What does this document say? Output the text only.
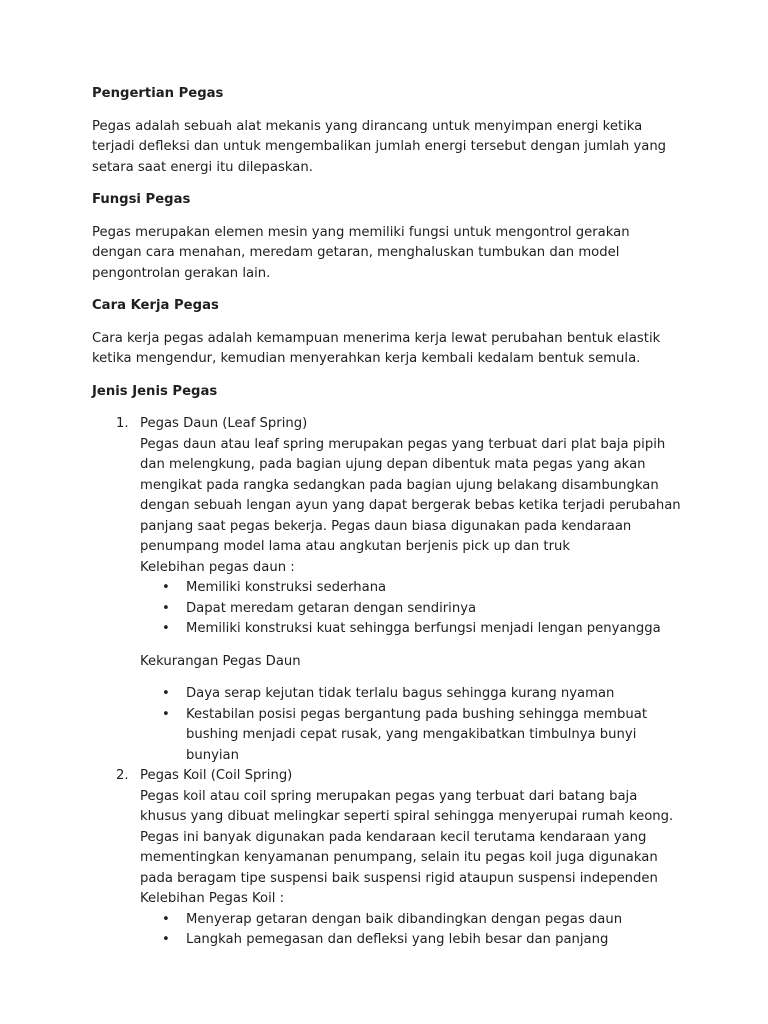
Pengertian Pegas

Pegas adalah sebuah alat mekanis yang dirancang untuk menyimpan energi ketika terjadi defleksi dan untuk mengembalikan jumlah energi tersebut dengan jumlah yang setara saat energi itu dilepaskan.

Fungsi Pegas

Pegas merupakan elemen mesin yang memiliki fungsi untuk mengontrol gerakan dengan cara menahan, meredam getaran, menghaluskan tumbukan dan model pengontrolan gerakan lain.

Cara Kerja Pegas

Cara kerja pegas adalah kemampuan menerima kerja lewat perubahan bentuk elastik ketika mengendur, kemudian menyerahkan kerja kembali kedalam bentuk semula.

Jenis Jenis Pegas

1. Pegas Daun (Leaf Spring)
Pegas daun atau leaf spring merupakan pegas yang terbuat dari plat baja pipih dan melengkung, pada bagian ujung depan dibentuk mata pegas yang akan mengikat pada rangka sedangkan pada bagian ujung belakang disambungkan dengan sebuah lengan ayun yang dapat bergerak bebas ketika terjadi perubahan panjang saat pegas bekerja. Pegas daun biasa digunakan pada kendaraan penumpang model lama atau angkutan berjenis pick up dan truk
Kelebihan pegas daun :
• Memiliki konstruksi sederhana
• Dapat meredam getaran dengan sendirinya
• Memiliki konstruksi kuat sehingga berfungsi menjadi lengan penyangga
Kekurangan Pegas Daun
• Daya serap kejutan tidak terlalu bagus sehingga kurang nyaman
• Kestabilan posisi pegas bergantung pada bushing sehingga membuat bushing menjadi cepat rusak, yang mengakibatkan timbulnya bunyi bunyian
2. Pegas Koil (Coil Spring)
Pegas koil atau coil spring merupakan pegas yang terbuat dari batang baja khusus yang dibuat melingkar seperti spiral sehingga menyerupai rumah keong. Pegas ini banyak digunakan pada kendaraan kecil terutama kendaraan yang mementingkan kenyamanan penumpang, selain itu pegas koil juga digunakan pada beragam tipe suspensi baik suspensi rigid ataupun suspensi independen
Kelebihan Pegas Koil :
• Menyerap getaran dengan baik dibandingkan dengan pegas daun
• Langkah pemegasan dan defleksi yang lebih besar dan panjang
